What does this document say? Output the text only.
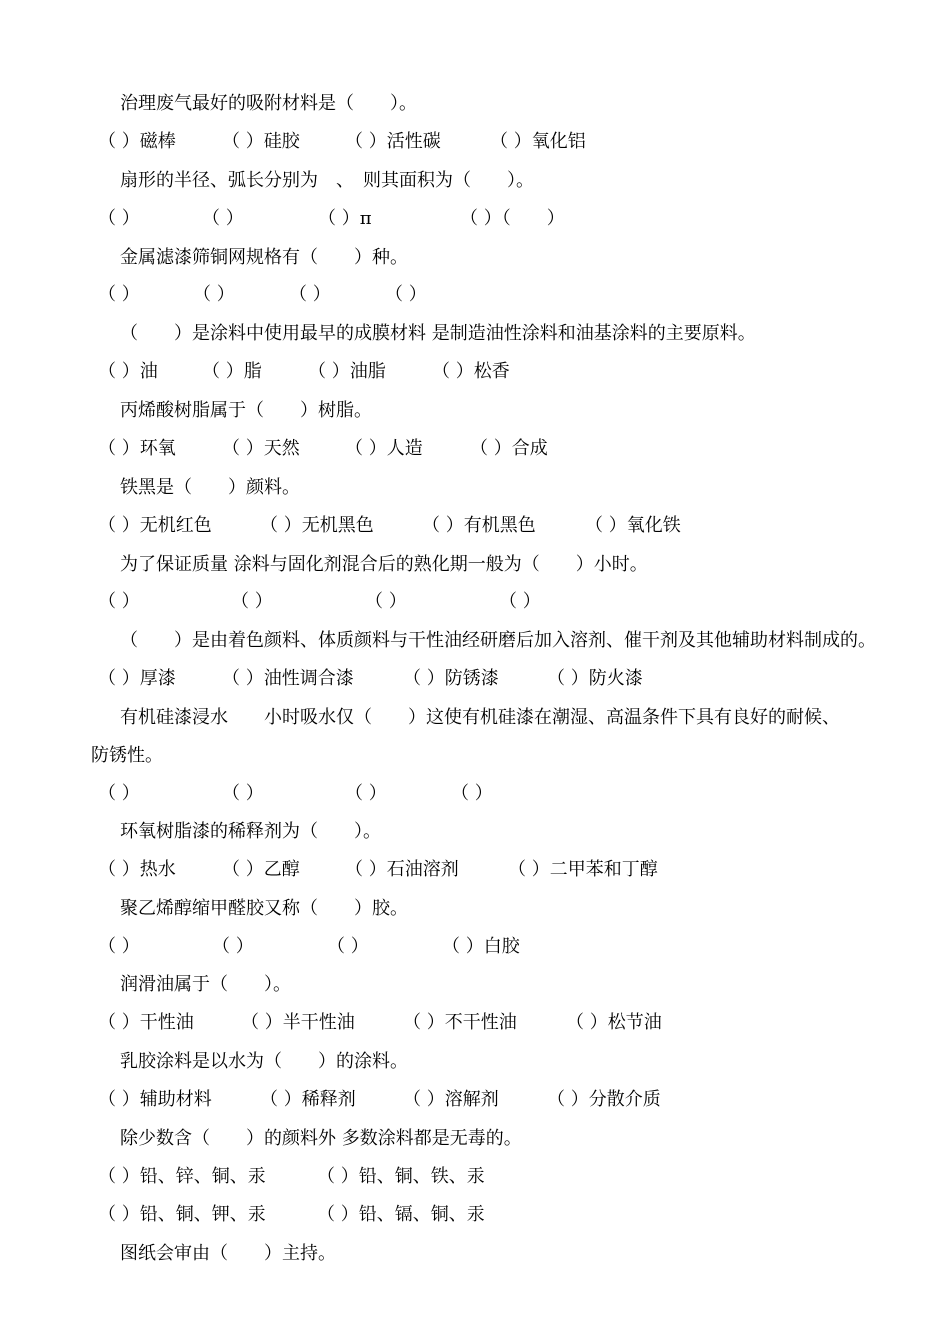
治理废气最好的吸附材料是（　　）。
（ ）磁棒	（ ）硅胶	（ ）活性碳	（ ）氧化铝
扇形的半径、弧长分别为　、　则其面积为（　　）。
（ ）	（ ）	（ ）π	（ ）（　　）
金属滤漆筛铜网规格有（　　）种。
（ ）	（ ）	（ ）	（ ）
（　　）是涂料中使用最早的成膜材料 是制造油性涂料和油基涂料的主要原料。
（ ）油 （ ）脂	（ ）油脂	（ ）松香
丙烯酸树脂属于（　　）树脂。
（ ）环氧	（ ）天然	（ ）人造	（ ）合成
铁黑是（　　）颜料。
（ ）无机红色	（ ）无机黑色	（ ）有机黑色	（ ）氧化铁
为了保证质量 涂料与固化剂混合后的熟化期一般为（　　）小时。
（ ）	（ ）	（ ）	（ ）
（　　）是由着色颜料、体质颜料与干性油经研磨后加入溶剂、催干剂及其他辅助材料制成的。
（ ）厚漆	（ ）油性调合漆	（ ）防锈漆	（ ）防火漆
有机硅漆浸水　　小时吸水仅（　　）这使有机硅漆在潮湿、高温条件下具有良好的耐候、
防锈性。
（ ）	（ ）	（ ）	（ ）
环氧树脂漆的稀释剂为（　　）。
（ ）热水	（ ）乙醇	（ ）石油溶剂	（ ）二甲苯和丁醇
聚乙烯醇缩甲醛胶又称（　　）胶。
（ ）	（ ）	（ ）	（ ）白胶
润滑油属于（　　）。
（ ）干性油	（ ）半干性油	（ ）不干性油	（ ）松节油
乳胶涂料是以水为（　　）的涂料。
（ ）辅助材料	（ ）稀释剂	（ ）溶解剂	（ ）分散介质
除少数含（　　）的颜料外 多数涂料都是无毒的。
（ ）铅、锌、铜、汞	（ ）铅、铜、铁、汞
（ ）铅、铜、钾、汞	（ ）铅、镉、铜、汞
图纸会审由（　　）主持。
